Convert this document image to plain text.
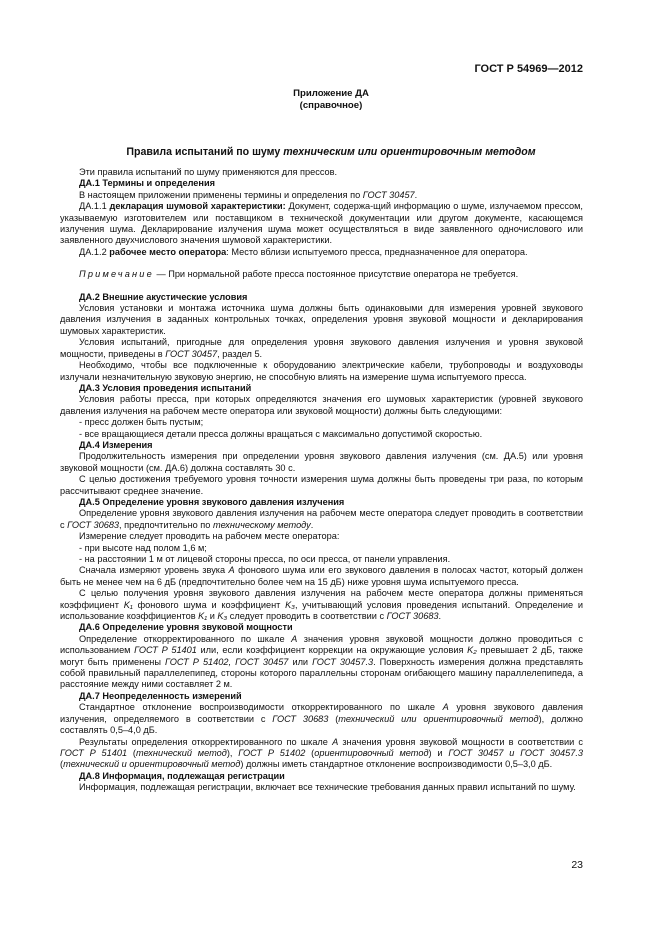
ГОСТ Р 54969—2012
Приложение ДА
(справочное)
Правила испытаний по шуму техническим или ориентировочным методом

Эти правила испытаний по шуму применяются для прессов.

ДА.1 Термины и определения

В настоящем приложении применены термины и определения по ГОСТ 30457.

ДА.1.1 декларация шумовой характеристики: Документ, содержа-щий информацию о шуме, излучаемом прессом, указываемую изготовителем или поставщиком в технической документации или другом документе, касающемся излучения шума. Декларирование излучения шума может осуществляться в виде заявленного одночислового или заявленного двухчислового значения шумовой характеристики.

ДА.1.2 рабочее место оператора: Место вблизи испытуемого пресса, предназначенное для оператора.

Примечание — При нормальной работе пресса постоянное присутствие оператора не требуется.

ДА.2 Внешние акустические условия

Условия установки и монтажа источника шума должны быть одинаковыми для измерения уровней звукового давления излучения в заданных контрольных точках, определения уровня звуковой мощности и декларирования шумовых характеристик.

Условия испытаний, пригодные для определения уровня звукового давления излучения и уровня звуковой мощности, приведены в ГОСТ 30457, раздел 5.

Необходимо, чтобы все подключенные к оборудованию электрические кабели, трубопроводы и воздуховоды излучали незначительную звуковую энергию, не способную влиять на измерение шума испытуемого пресса.

ДА.3 Условия проведения испытаний

Условия работы пресса, при которых определяются значения его шумовых характеристик (уровней звукового давления излучения на рабочем месте оператора или звуковой мощности) должны быть следующими:

- пресс должен быть пустым;

- все вращающиеся детали пресса должны вращаться с максимально допустимой скоростью.

ДА.4 Измерения

Продолжительность измерения при определении уровня звукового давления излучения (см. ДА.5) или уровня звуковой мощности (см. ДА.6) должна составлять 30 с.

С целью достижения требуемого уровня точности измерения шума должны быть проведены три раза, по которым рассчитывают среднее значение.

ДА.5 Определение уровня звукового давления излучения

Определение уровня звукового давления излучения на рабочем месте оператора следует проводить в соответствии с ГОСТ 30683, предпочтительно по техническому методу.

Измерение следует проводить на рабочем месте оператора:

- при высоте над полом 1,6 м;

- на расстоянии 1 м от лицевой стороны пресса, по оси пресса, от панели управления.

Сначала измеряют уровень звука А фонового шума или его звукового давления в полосах частот, который должен быть не менее чем на 6 дБ (предпочтительно более чем на 15 дБ) ниже уровня шума испытуемого пресса.

С целью получения уровня звукового давления излучения на рабочем месте оператора должны применяться коэффициент K₁ фонового шума и коэффициент K₃, учитывающий условия проведения испытаний. Определение и использование коэффициентов K₁ и K₃ следует проводить в соответствии с ГОСТ 30683.

ДА.6 Определение уровня звуковой мощности

Определение откорректированного по шкале А значения уровня звуковой мощности должно проводиться с использованием ГОСТ Р 51401 или, если коэффициент коррекции на окружающие условия K₂ превышает 2 дБ, также могут быть применены ГОСТ Р 51402, ГОСТ 30457 или ГОСТ 30457.3. Поверхность измерения должна представлять собой правильный параллелепипед, стороны которого параллельны сторонам огибающего машину параллелепипеда, а расстояние между ними составляет 2 м.

ДА.7 Неопределенность измерений

Стандартное отклонение воспроизводимости откорректированного по шкале А уровня звукового давления излучения, определяемого в соответствии с ГОСТ 30683 (технический или ориентировочный метод), должно составлять 0,5–4,0 дБ.

Результаты определения откорректированного по шкале А значения уровня звуковой мощности в соответствии с ГОСТ Р 51401 (технический метод), ГОСТ Р 51402 (ориентировочный метод) и ГОСТ 30457 и ГОСТ 30457.3 (технический и ориентировочный метод) должны иметь стандартное отклонение воспроизводимости 0,5–3,0 дБ.

ДА.8 Информация, подлежащая регистрации

Информация, подлежащая регистрации, включает все технические требования данных правил испытаний по шуму.

23
